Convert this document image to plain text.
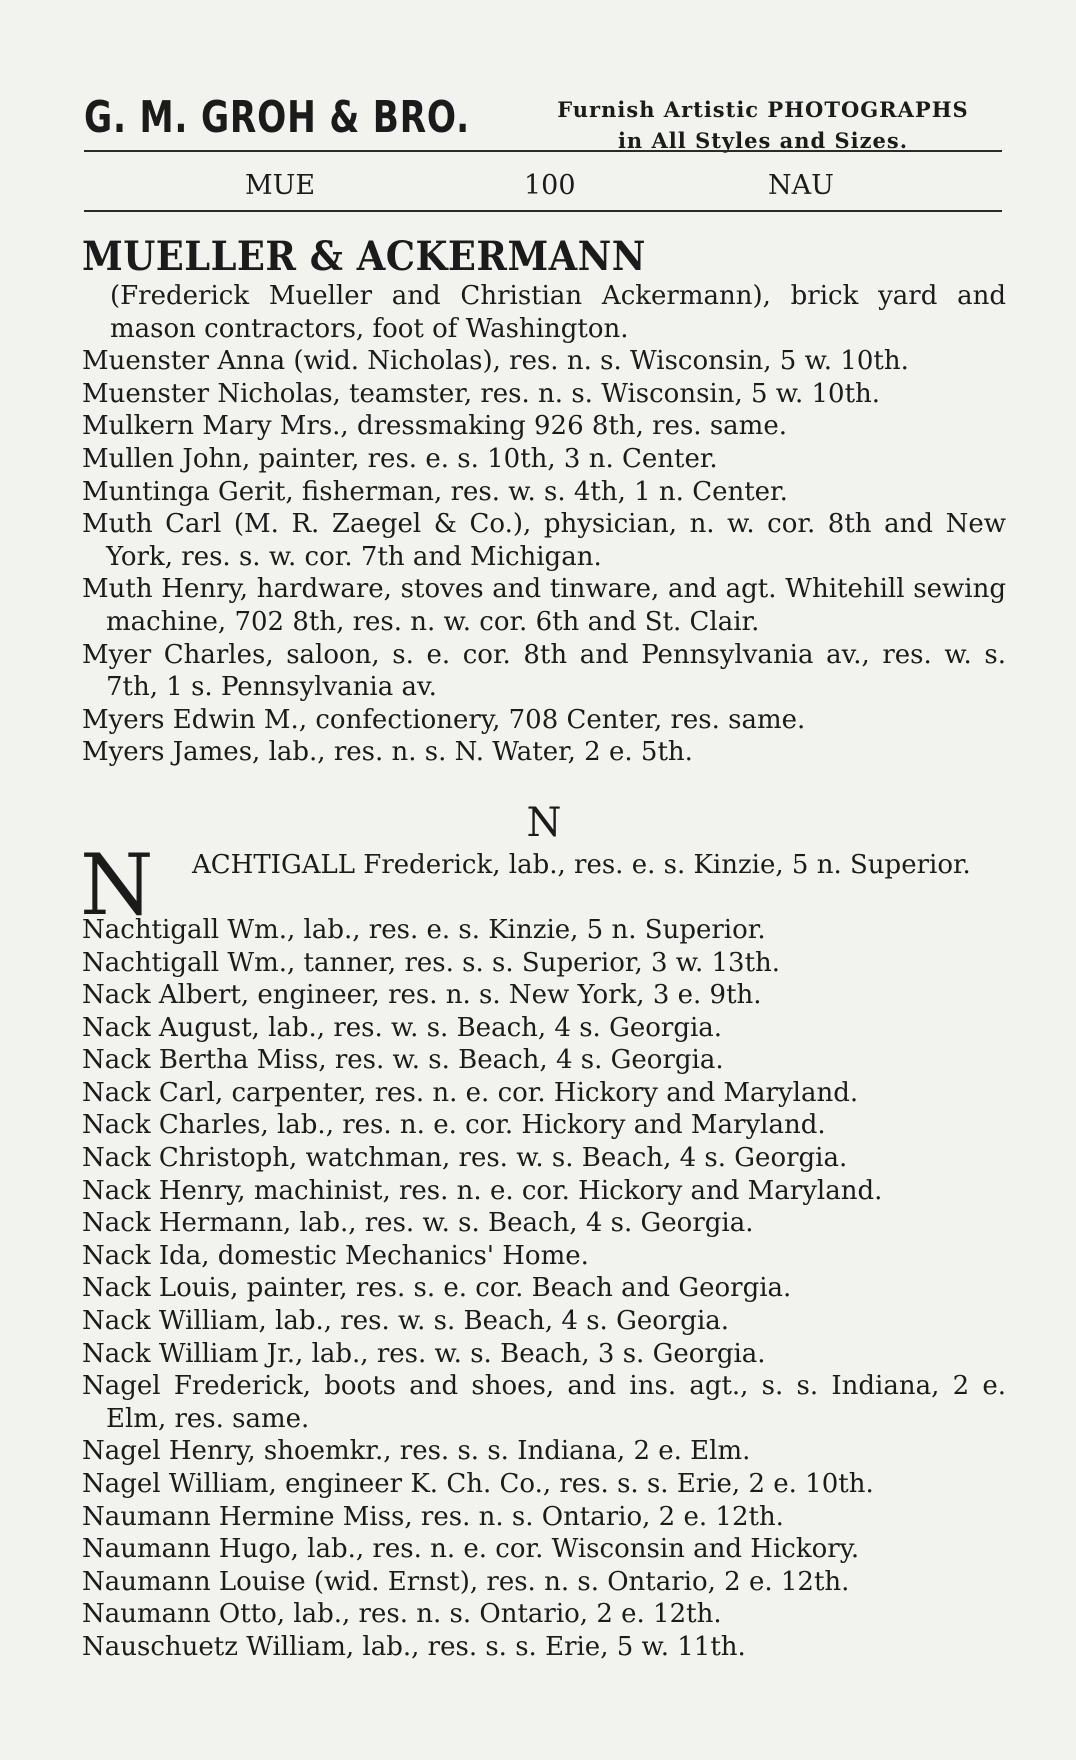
G. M. GROH & BRO.	Furnish Artistic PHOTOGRAPHS
in All Styles and Sizes.
MUE	100	NAU
MUELLER & ACKERMANN
(Frederick Mueller and Christian Ackermann), brick yard and mason contractors, foot of Washington.
Muenster Anna (wid. Nicholas), res. n. s. Wisconsin, 5 w. 10th.
Muenster Nicholas, teamster, res. n. s. Wisconsin, 5 w. 10th.
Mulkern Mary Mrs., dressmaking 926 8th, res. same.
Mullen John, painter, res. e. s. 10th, 3 n. Center.
Muntinga Gerit, fisherman, res. w. s. 4th, 1 n. Center.
Muth Carl (M. R. Zaegel & Co.), physician, n. w. cor. 8th and New York, res. s. w. cor. 7th and Michigan.
Muth Henry, hardware, stoves and tinware, and agt. Whitehill sewing machine, 702 8th, res. n. w. cor. 6th and St. Clair.
Myer Charles, saloon, s. e. cor. 8th and Pennsylvania av., res. w. s. 7th, 1 s. Pennsylvania av.
Myers Edwin M., confectionery, 708 Center, res. same.
Myers James, lab., res. n. s. N. Water, 2 e. 5th.
N
N ACHTIGALL Frederick, lab., res. e. s. Kinzie, 5 n. Superior.
Nachtigall Wm., lab., res. e. s. Kinzie, 5 n. Superior.
Nachtigall Wm., tanner, res. s. s. Superior, 3 w. 13th.
Nack Albert, engineer, res. n. s. New York, 3 e. 9th.
Nack August, lab., res. w. s. Beach, 4 s. Georgia.
Nack Bertha Miss, res. w. s. Beach, 4 s. Georgia.
Nack Carl, carpenter, res. n. e. cor. Hickory and Maryland.
Nack Charles, lab., res. n. e. cor. Hickory and Maryland.
Nack Christoph, watchman, res. w. s. Beach, 4 s. Georgia.
Nack Henry, machinist, res. n. e. cor. Hickory and Maryland.
Nack Hermann, lab., res. w. s. Beach, 4 s. Georgia.
Nack Ida, domestic Mechanics' Home.
Nack Louis, painter, res. s. e. cor. Beach and Georgia.
Nack William, lab., res. w. s. Beach, 4 s. Georgia.
Nack William Jr., lab., res. w. s. Beach, 3 s. Georgia.
Nagel Frederick, boots and shoes, and ins. agt., s. s. Indiana, 2 e. Elm, res. same.
Nagel Henry, shoemkr., res. s. s. Indiana, 2 e. Elm.
Nagel William, engineer K. Ch. Co., res. s. s. Erie, 2 e. 10th.
Naumann Hermine Miss, res. n. s. Ontario, 2 e. 12th.
Naumann Hugo, lab., res. n. e. cor. Wisconsin and Hickory.
Naumann Louise (wid. Ernst), res. n. s. Ontario, 2 e. 12th.
Naumann Otto, lab., res. n. s. Ontario, 2 e. 12th.
Nauschuetz William, lab., res. s. s. Erie, 5 w. 11th.
